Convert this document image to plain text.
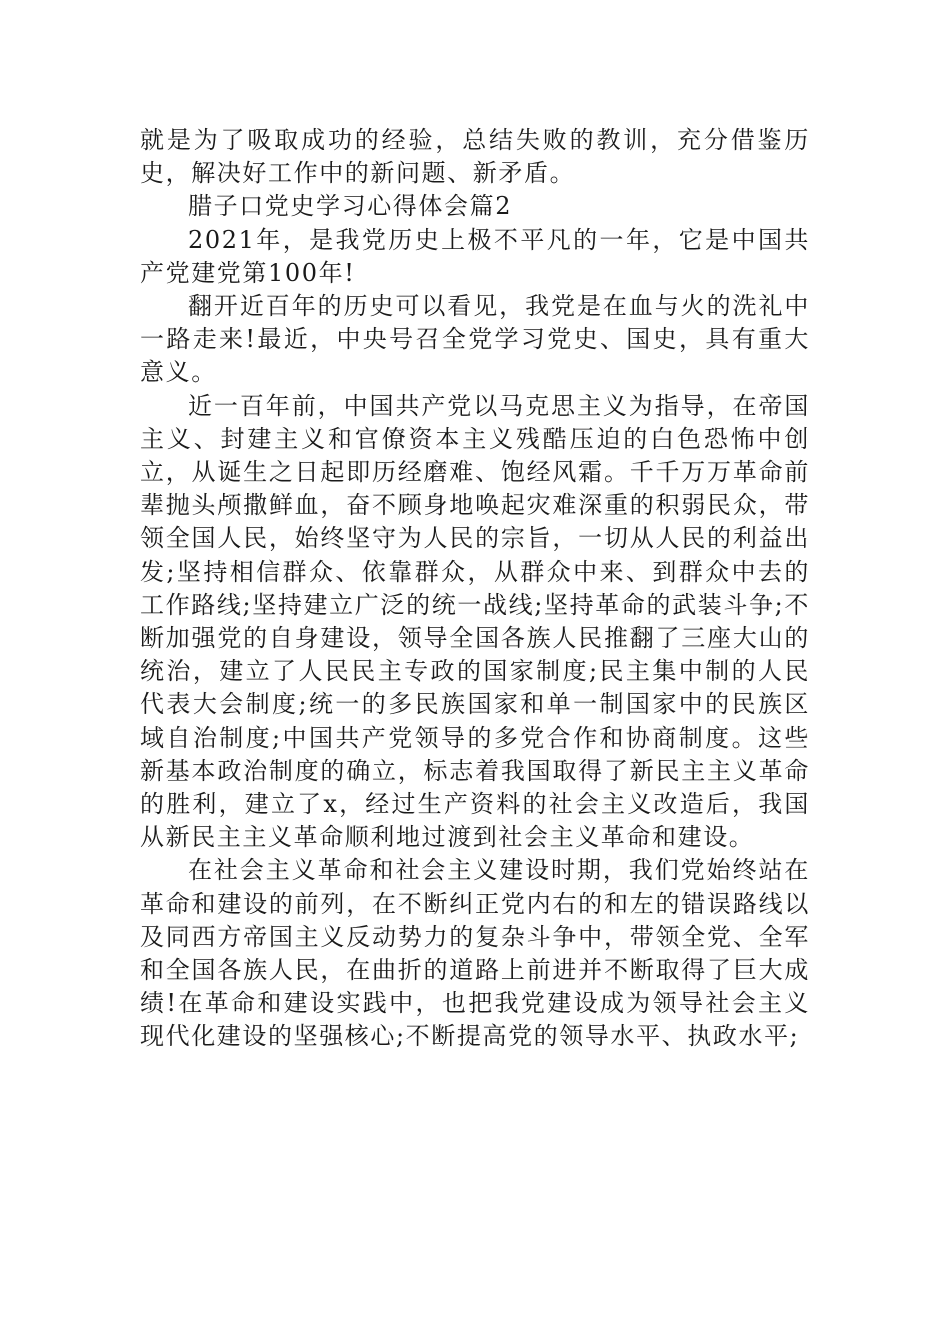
就是为了吸取成功的经验，总结失败的教训，充分借鉴历史，解决好工作中的新问题、新矛盾。

腊子口党史学习心得体会篇2

2021年，是我党历史上极不平凡的一年，它是中国共产党建党第100年!

翻开近百年的历史可以看见，我党是在血与火的洗礼中一路走来!最近，中央号召全党学习党史、国史，具有重大意义。

近一百年前，中国共产党以马克思主义为指导，在帝国主义、封建主义和官僚资本主义残酷压迫的白色恐怖中创立，从诞生之日起即历经磨难、饱经风霜。千千万万革命前辈抛头颅撒鲜血，奋不顾身地唤起灾难深重的积弱民众，带领全国人民，始终坚守为人民的宗旨，一切从人民的利益出发;坚持相信群众、依靠群众，从群众中来、到群众中去的工作路线;坚持建立广泛的统一战线;坚持革命的武装斗争;不断加强党的自身建设，领导全国各族人民推翻了三座大山的统治，建立了人民民主专政的国家制度;民主集中制的人民代表大会制度;统一的多民族国家和单一制国家中的民族区域自治制度;中国共产党领导的多党合作和协商制度。这些新基本政治制度的确立，标志着我国取得了新民主主义革命的胜利，建立了x，经过生产资料的社会主义改造后，我国从新民主主义革命顺利地过渡到社会主义革命和建设。

在社会主义革命和社会主义建设时期，我们党始终站在革命和建设的前列，在不断纠正党内右的和左的错误路线以及同西方帝国主义反动势力的复杂斗争中，带领全党、全军和全国各族人民，在曲折的道路上前进并不断取得了巨大成绩!在革命和建设实践中，也把我党建设成为领导社会主义现代化建设的坚强核心;不断提高党的领导水平、执政水平;
